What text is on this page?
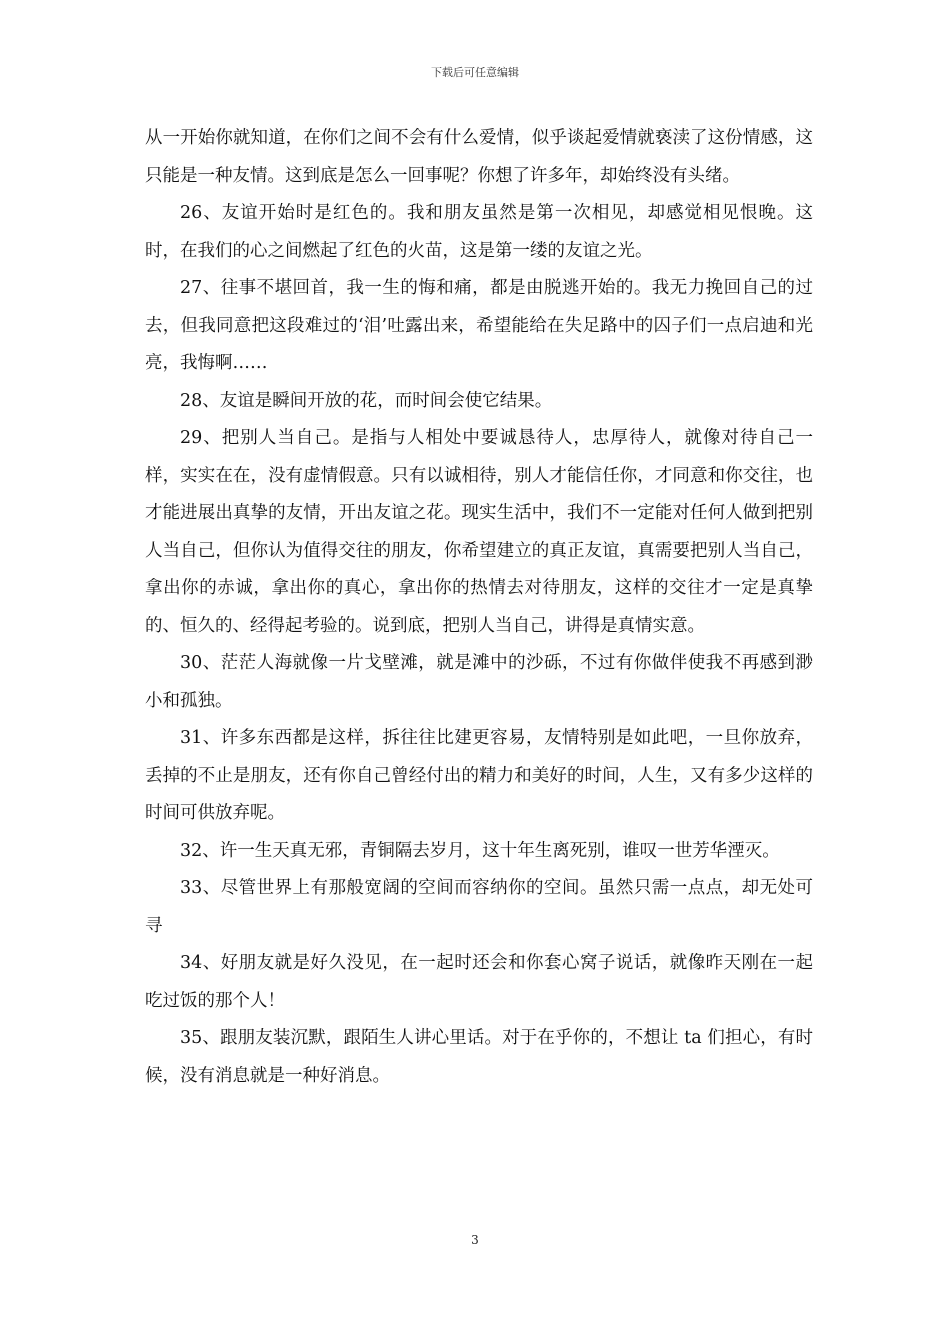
下载后可任意编辑

从一开始你就知道，在你们之间不会有什么爱情，似乎谈起爱情就亵渎了这份情感，这只能是一种友情。这到底是怎么一回事呢？你想了许多年，却始终没有头绪。

26、友谊开始时是红色的。我和朋友虽然是第一次相见，却感觉相见恨晚。这时，在我们的心之间燃起了红色的火苗，这是第一缕的友谊之光。

27、往事不堪回首，我一生的悔和痛，都是由脱逃开始的。我无力挽回自己的过去，但我同意把这段难过的‘泪’吐露出来，希望能给在失足路中的囚子们一点启迪和光亮，我悔啊……

28、友谊是瞬间开放的花，而时间会使它结果。

29、把别人当自己。是指与人相处中要诚恳待人，忠厚待人，就像对待自己一样，实实在在，没有虚情假意。只有以诚相待，别人才能信任你，才同意和你交往，也才能进展出真挚的友情，开出友谊之花。现实生活中，我们不一定能对任何人做到把别人当自己，但你认为值得交往的朋友，你希望建立的真正友谊，真需要把别人当自己，拿出你的赤诚，拿出你的真心，拿出你的热情去对待朋友，这样的交往才一定是真挚的、恒久的、经得起考验的。说到底，把别人当自己，讲得是真情实意。

30、茫茫人海就像一片戈壁滩，就是滩中的沙砾，不过有你做伴使我不再感到渺小和孤独。

31、许多东西都是这样，拆往往比建更容易，友情特别是如此吧，一旦你放弃，丢掉的不止是朋友，还有你自己曾经付出的精力和美好的时间，人生，又有多少这样的时间可供放弃呢。

32、许一生天真无邪，青铜隔去岁月，这十年生离死别，谁叹一世芳华湮灭。

33、尽管世界上有那般宽阔的空间而容纳你的空间。虽然只需一点点，却无处可寻

34、好朋友就是好久没见，在一起时还会和你套心窝子说话，就像昨天刚在一起吃过饭的那个人！

35、跟朋友装沉默，跟陌生人讲心里话。对于在乎你的，不想让 ta 们担心，有时候，没有消息就是一种好消息。

3
